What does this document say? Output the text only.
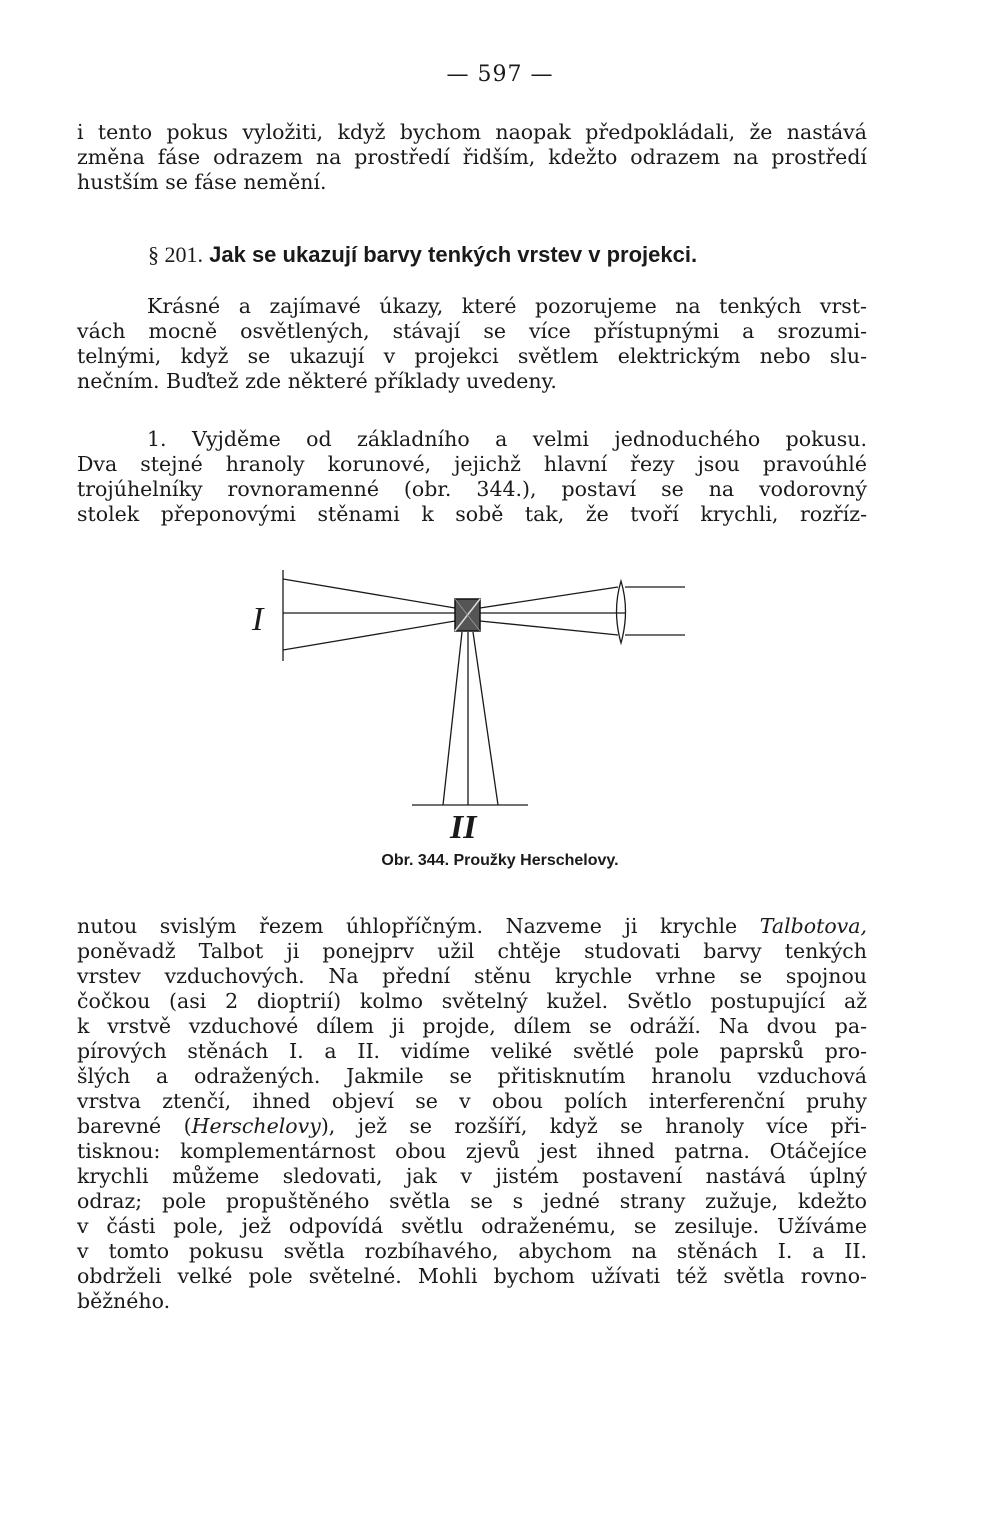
— 597 —
i tento pokus vyložiti, když bychom naopak předpokládali, že nastává
změna fáse odrazem na prostředí řidším, kdežto odrazem na prostředí
hustším se fáse nemění.
§ 201. Jak se ukazují barvy tenkých vrstev v projekci.
Krásné a zajímavé úkazy, které pozorujeme na tenkých vrst-
vách mocně osvětlených, stávají se více přístupnými a srozumi-
telnými, když se ukazují v projekci světlem elektrickým nebo slu-
nečním. Buďtež zde některé příklady uvedeny.
1. Vyjděme od základního a velmi jednoduchého pokusu.
Dva stejné hranoly korunové, jejichž hlavní řezy jsou pravoúhlé
trojúhelníky rovnoramenné (obr. 344.), postaví se na vodorovný
stolek přeponovými stěnami k sobě tak, že tvoří krychli, rozříz-
I
II
Obr. 344. Proužky Herschelovy.
nutou svislým řezem úhlopříčným. Nazveme ji krychle Talbotova,
poněvadž Talbot ji ponejprv užil chtěje studovati barvy tenkých
vrstev vzduchových. Na přední stěnu krychle vrhne se spojnou
čočkou (asi 2 dioptrií) kolmo světelný kužel. Světlo postupující až
k vrstvě vzduchové dílem ji projde, dílem se odráží. Na dvou pa-
pírových stěnách I. a II. vidíme veliké světlé pole paprsků pro-
šlých a odražených. Jakmile se přitisknutím hranolu vzduchová
vrstva ztenčí, ihned objeví se v obou polích interferenční pruhy
barevné (Herschelovy), jež se rozšíří, když se hranoly více při-
tisknou: komplementárnost obou zjevů jest ihned patrna. Otáčejíce
krychli můžeme sledovati, jak v jistém postavení nastává úplný
odraz; pole propuštěného světla se s jedné strany zužuje, kdežto
v části pole, jež odpovídá světlu odraženému, se zesiluje. Užíváme
v tomto pokusu světla rozbíhavého, abychom na stěnách I. a II.
obdrželi velké pole světelné. Mohli bychom užívati též světla rovno-
běžného.
